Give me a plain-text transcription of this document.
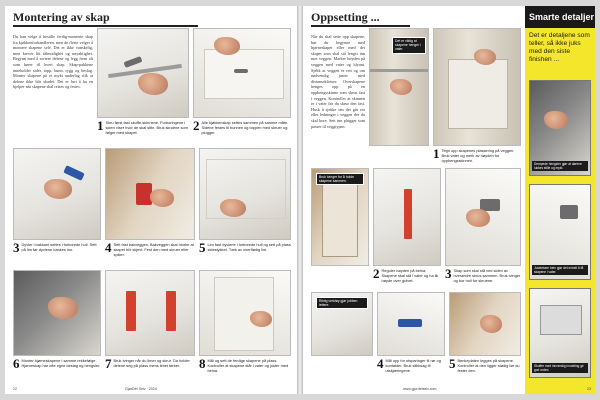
Montering av skap
Du kan velge å bestille ferdig-monterte skap fra kjøkkenforhandleren, men de fleste velger å montere skapene selv. Det er ikke vanskelig, men krever litt tålmodighet og nøyaktighet. Begynn med å sortere delene og legg frem alt som hører til hvert skap. Skap-pakkene inneholder sider, topp, bunn, rygg og beslag. Monter skapene på et mykt underlag slik at delene ikke blir skadet. Det er lurt å ha en hjelper når skapene skal reises og festes.
1 Skru først fast skuffe-skinnene. Forboringene i siden viser hvor de skal sitte. Bruk skruene som følger med skapet.	2 Alle kjøkkenskap settes sammen på samme måte. Sidene festes til bunnen og toppen med skruer og plugger.
3 Dyvler i bakkant settes i forborede hull. Sett på lim før dyvlene bankes inn.	4 Sett fast bakveggen. Bakveggen skal hindre at skapet blir skjevt. Fest den med skruer eller spiker.	5 Lim fast dyvlene i forborede hull og sett på plass sidestykket. Tørk av overflødig lim.
6 Monter hjørneskapene i samme rekkefølge. Hjørneskap har ofte egne beslag og hengsler. 7 Bruk tvinger når du limer og skrur. Da holder delene seg på plass mens limet tørker.	8 Mål og sett de ferdige skapene på plass. Kontroller at skapene står i vater og juster med beina.
22	GjørDet Selv · 2024
Oppsetting ...
Når du skal sette opp skapene, bør du begynne med hjørneskapet eller med det skapet som skal stå lengst inn mot veggen. Marker høyden på veggen med vater og blyant. Sjekk at veggen er rett og om nødvendig juster med distanseklosser. Overskapene henges opp på en opphengsskinne som skrus fast i veggen. Kontroller at skinnen er i vater før du skrur den fast. Husk å sjekke om det går rør eller ledninger i veggen der du skal bore. Sett inn plugger som passer til veggtypen.
Det er viktig at skapene henger i vater.
1 Tegn opp skapenes plassering på veggen. Bruk vater og merk av høyden for opphengsskinnen.
Bruk tvinger for å holde skapene sammen.
2 Reguler høyden på beina. Skapene skal stå i vater og ha lik høyde over gulvet.	3 Skap som skal stå ved siden av hverandre skrus sammen. Bruk tvinger og bor hull for skruene.
Riktig verktøy gjør jobben lettere.
4 Mål opp for utsparinger til rør og kontakter. Bruk stikksag til utskjæringene.	5 Benkeplaten legges på skapene. Kontroller at den ligger stødig før du fester den.
www.gjordetselv.com
Smarte detaljer
Det er detaljene som teller, så ikke juks med den siste finishen ...
Dempede hengsler gjør at dørene lukkes stille og mykt.
Justerbare bein gjør det enkelt å få skapene i vater.
Skuffer med innvendig inndeling gir god orden.
23
